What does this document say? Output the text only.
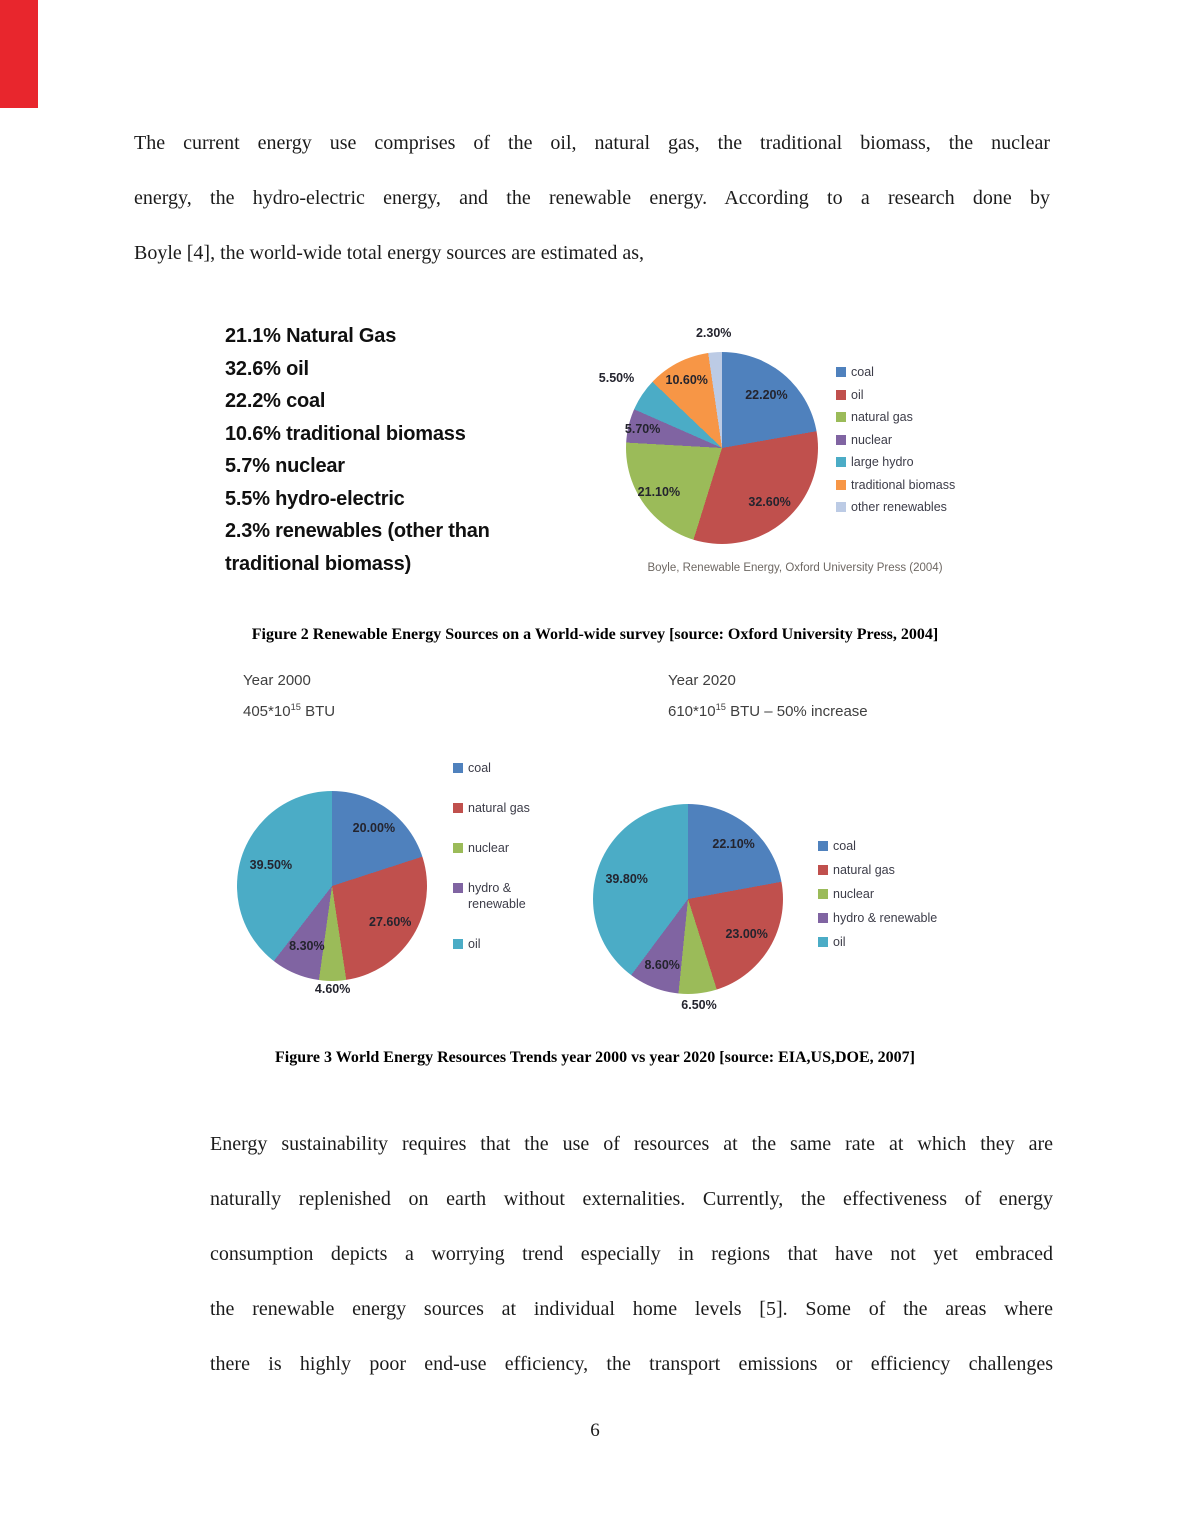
The current energy use comprises of the oil, natural gas, the traditional biomass, the nuclear
energy, the hydro-electric energy, and the renewable energy. According to a research done by
Boyle [4], the world-wide total energy sources are estimated as,
21.1% Natural Gas
32.6% oil
22.2% coal
10.6% traditional biomass
5.7% nuclear
5.5% hydro-electric
2.3% renewables (other than
traditional biomass)
22.20%
32.60%
21.10%
5.70%
5.50% 10.60%
2.30%
coal
oil
natural gas
nuclear
large hydro
traditional biomass
other renewables
Boyle, Renewable Energy, Oxford University Press (2004)
Figure 2 Renewable Energy Sources on a World-wide survey [source: Oxford University Press, 2004]
Year 2000
$405*10^{15}$ BTU
Year 2020
$610*10^{15}$ BTU – 50% increase
20.00%
27.60%
4.60%
8.30%
39.50%
coal
natural gas
nuclear
hydro & renewable
oil
22.10%
23.00%
6.50%
8.60%
39.80%
coal
natural gas
nuclear
hydro & renewable
oil
Figure 3 World Energy Resources Trends year 2000 vs year 2020 [source: EIA,US,DOE, 2007]
Energy sustainability requires that the use of resources at the same rate at which they are
naturally replenished on earth without externalities. Currently, the effectiveness of energy
consumption depicts a worrying trend especially in regions that have not yet embraced
the renewable energy sources at individual home levels [5]. Some of the areas where
there is highly poor end-use efficiency, the transport emissions or efficiency challenges
6
